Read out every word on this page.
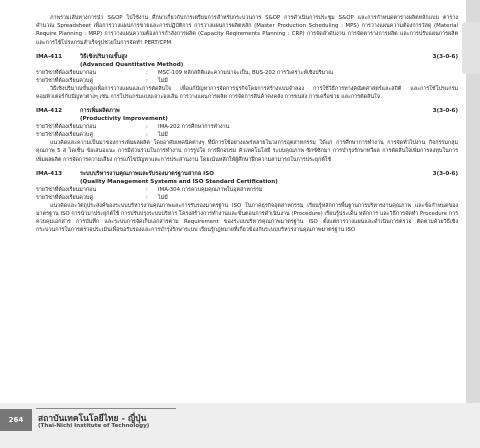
ภาพรวมเส้นทางการนำ S&OP ไปใช้งาน ศึกษาเกี่ยวกับการเตรียมการสำหรับกระบวนการ S&OP การดำเนินการประชุม S&OP และการกำหนดตารางผลิตหลักแบบ ตารางคำนวณ Spreadsheet เพื่อการวางแผนการขายและการปฏิบัติการ การวางแผนการผลิตหลัก (Master Production Scheduling : MPS) การวางแผนความต้องการวัสดุ (Material Require Planning : MRP) การวางแผนความต้องการกำลังการผลิต (Capacity Reqirements Planning : CRP) การจัดลำดับงาน การจัดตารางการผลิต และการปรับแผนการผลิต และการใช้โปรแกรมสำเร็จรูปช่วยในการจัดทำ PERT/CPM

IMA-411	วิธีเชิงปริมาณขั้นสูง	3(3-0-6)
(Advanced Quantitative Method)
รายวิชาที่ต้องเรียนมาก่อน	:	MSC-109 หลักสถิติและความน่าจะเป็น, BUS-202 การวิเคราะห์เชิงปริมาณ
รายวิชาที่ต้องเรียนควบคู่	:	ไม่มี

วิธีเชิงปริมาณขั้นสูงเพื่อการวางแผนและการตัดสินใจ เพื่อแก้ปัญหาการจัดการธุรกิจโดยการสร้างแบบจำลอง การใช้วิธีการทางคณิตศาสตร์และสถิติ และการใช้โปรแกรมคอมพิวเตอร์กับปัญหาต่างๆ เช่น การโปรแกรมแบบเจาะจงเส้น การวางแผนการผลิต การจัดการสินค้าคงคลัง การขนส่ง การเครือข่าย และการตัดสินใจ

IMA-412	การเพิ่มผลิตภาพ	3(3-0-6)
(Productivity Improvement)
รายวิชาที่ต้องเรียนมาก่อน	:	IMA-202 การศึกษาการทำงาน
รายวิชาที่ต้องเรียนควบคู่	:	ไม่มี

แนวคิดและความเป็นมาของการเพิ่มผลผลิต โดยอาศัยเทคนิคต่างๆ ที่มีการใช้อย่างแพร่หลายในวงการอุตสาหกรรม ได้แก่ การศึกษาการทำงาน การจัดทั่วไปงาน กิจกรรมกลุ่มคุณภาพ 5 ส ไคเซ็น ข้อเสนอแนะ การมีส่วนร่วมในการทำงาน การรูปใจ การฝึกอบรม คิวเทคโนโลยี ระบบคุณภาพ ซิกซ์ซิกมา การบำรุงรักษาทวีผล การตัดสินใจเพิ่มการลงทุนในการเพิ่มผลผลิต การจัดการความเสี่ยง การแก้ไขปัญหาและการประสานงาน โดยเน้นหลักให้ผู้ศึกษาฝึกความสามารถในการประยุกต์ใช้

IMA-413	ระบบบริหารงานคุณภาพและรับรองมาตรฐานสากล ISO	3(3-0-6)
(Quality Management Systems and ISO Standard Certification)
รายวิชาที่ต้องเรียนมาก่อน	:	IMA-304 การควบคุมคุณภาพในอุตสาหกรรม
รายวิชาที่ต้องเรียนควบคู่	:	ไม่มี

แนวคิดและวัตถุประสงค์ของระบบบริหารงานคุณภาพและการรับรองมาตรฐาน ISO ในภาคธุรกิจอุตสาหกรรม เรียนรู้หลักการพื้นฐานการบริหารงานคุณภาพ และข้อกำหนดของมาตรฐาน ISO การนำมาประยุกต์ใช้ การปรับปรุงระบบบริหาร โครงสร้างการทำงานและขั้นตอนการดำเนินงาน (Procedure) เรียนรู้ประเด็น หลักการ และวิธีการจัดทำ Procedure การควบคุมเอกสาร การบันทึก และระบบการจัดเก็บเอกสารตาม Requirement ของระบบบริหารคุณภาพมาตรฐาน ISO ตั้งแต่การวางแผนและดำเนินการตรวจ ติดตามด้วยวิธีเชิงกระบวนการในการตรวจประเมินเพื่อขอรับรองและการบำรุงรักษาระบบ เรียนรู้กฎหมายที่เกี่ยวข้องกับระบบบริหารงานคุณภาพมาตรฐาน ISO

264	สถาบันเทคโนโลยีไทย - ญี่ปุ่น
(Thai-Nichi Institute of Technology)
